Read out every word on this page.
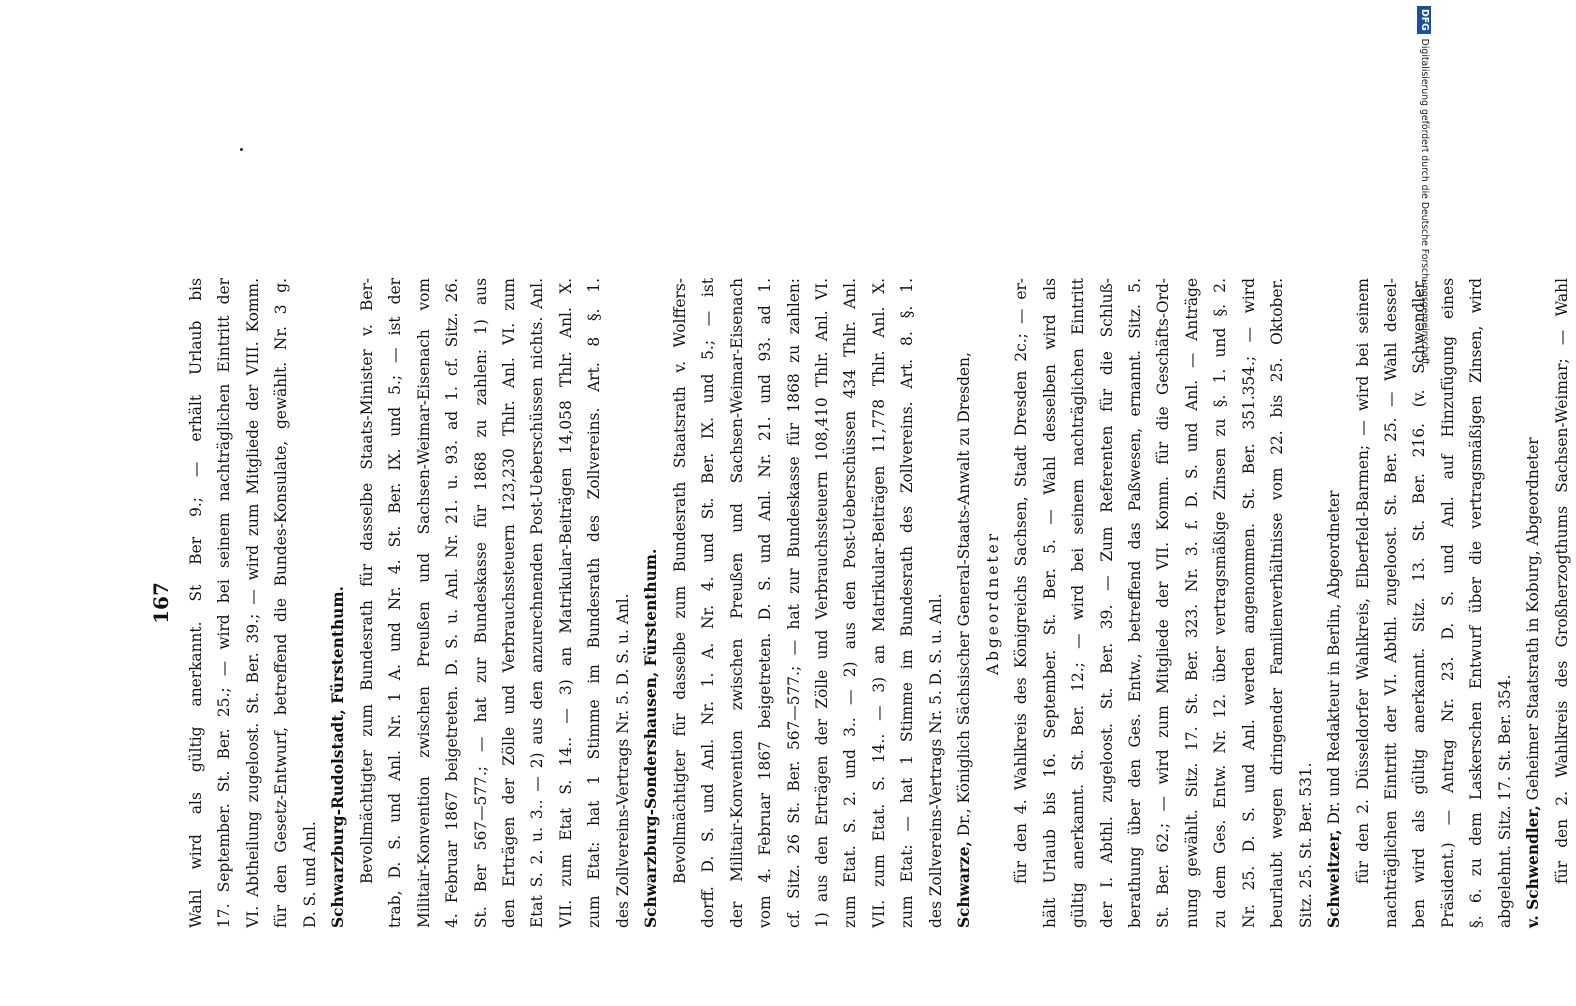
167 Wahl wird als gültig anerkannt. St Ber 9.; — erhält Urlaub bis 17. September. St. Ber. 25.; — wird bei seinem nachträglichen Eintritt der VI. Abtheilung zugeloost. St. Ber. 39.; — wird zum Mitgliede der VIII. Komm. für den Gesetz-Entwurf, betreffend die Bundes-Konsulate, gewählt. Nr. 3 g. D. S. und Anl. Schwarzburg-Rudolstadt, Fürstenthum. Bevollmächtigter zum Bundesrath für dasselbe Staats-Minister v. Ber- trab, D. S. und Anl. Nr. 1 A. und Nr. 4. St. Ber. IX. und 5.; — ist der Militair-Konvention zwischen Preußen und Sachsen-Weimar-Eisenach vom 4. Februar 1867 beigetreten. D. S. u. Anl. Nr. 21. u. 93. ad 1. cf. Sitz. 26. St. Ber 567—577.; — hat zur Bundeskasse für 1868 zu zahlen: 1) aus den Erträgen der Zölle und Verbrauchssteuern 123,230 Thlr. Anl. VI. zum Etat S. 2. u. 3.. — 2) aus den anzurechnenden Post-Ueberschüssen nichts. Anl. VII. zum Etat S. 14.. — 3) an Matrikular-Beiträgen 14,058 Thlr. Anl. X. zum Etat: hat 1 Stimme im Bundesrath des Zollvereins. Art. 8 §. 1. des Zollvereins-Vertrags Nr. 5. D. S. u. Anl. Schwarzburg-Sondershausen, Fürstenthum. Bevollmächtigter für dasselbe zum Bundesrath Staatsrath v. Wolffers- dorff. D. S. und Anl. Nr. 1. A. Nr. 4. und St. Ber. IX. und 5.; — ist der Militair-Konvention zwischen Preußen und Sachsen-Weimar-Eisenach vom 4. Februar 1867 beigetreten. D. S. und Anl. Nr. 21. und 93. ad 1. cf. Sitz. 26 St. Ber. 567—577.; — hat zur Bundeskasse für 1868 zu zahlen: 1) aus den Erträgen der Zölle und Verbrauchssteuern 108,410 Thlr. Anl. VI. zum Etat. S. 2. und 3.. — 2) aus den Post-Ueberschüssen 434 Thlr. Anl. VII. zum Etat. S. 14.. — 3) an Matrikular-Beiträgen 11,778 Thlr. Anl. X. zum Etat: — hat 1 Stimme im Bundesrath des Zollvereins. Art. 8. §. 1. des Zollvereins-Vertrags Nr. 5. D. S. u. Anl. Schwarze, Dr., Königlich Sächsischer General-Staats-Anwalt zu Dresden, Abgeordneter für den 4. Wahlkreis des Königreichs Sachsen, Stadt Dresden 2c.; — er- hält Urlaub bis 16. September. St. Ber. 5. — Wahl desselben wird als gültig anerkannt. St. Ber. 12.; — wird bei seinem nachträglichen Eintritt der I. Abthl. zugeloost. St. Ber. 39. — Zum Referenten für die Schluß- berathung über den Ges. Entw., betreffend das Paßwesen, ernannt. Sitz. 5. St. Ber. 62.; — wird zum Mitgliede der VII. Komm. für die Geschäfts-Ord- nung gewählt. Sitz. 17. St. Ber. 323. Nr. 3. f. D. S. und Anl. — Anträge zu dem Ges. Entw. Nr. 12. über vertragsmäßige Zinsen zu §. 1. und §. 2. Nr. 25. D. S. und Anl. werden angenommen. St. Ber. 351.354.; — wird beurlaubt wegen dringender Familienverhältnisse vom 22. bis 25. Oktober. Sitz. 25. St. Ber. 531. Schweitzer, Dr. und Redakteur in Berlin, Abgeordneter für den 2. Düsseldorfer Wahlkreis, Elberfeld-Barmen; — wird bei seinem nachträglichen Eintritt der VI. Abthl. zugeloost. St. Ber. 25. — Wahl dessel- ben wird als gültig anerkannt. Sitz. 13. St. Ber. 216. (v. Schwendler, Präsident.) — Antrag Nr. 23. D. S. und Anl. auf Hinzufügung eines §. 6. zu dem Laskerschen Entwurf über die vertragsmäßigen Zinsen, wird abgelehnt. Sitz. 17. St. Ber. 354. v. Schwendler, Geheimer Staatsrath in Koburg, Abgeordneter für den 2. Wahlkreis des Großherzogthums Sachsen-Weimar; — Wahl
DFG Digitalisierung gefördert durch die Deutsche Forschungsgemeinschaft
